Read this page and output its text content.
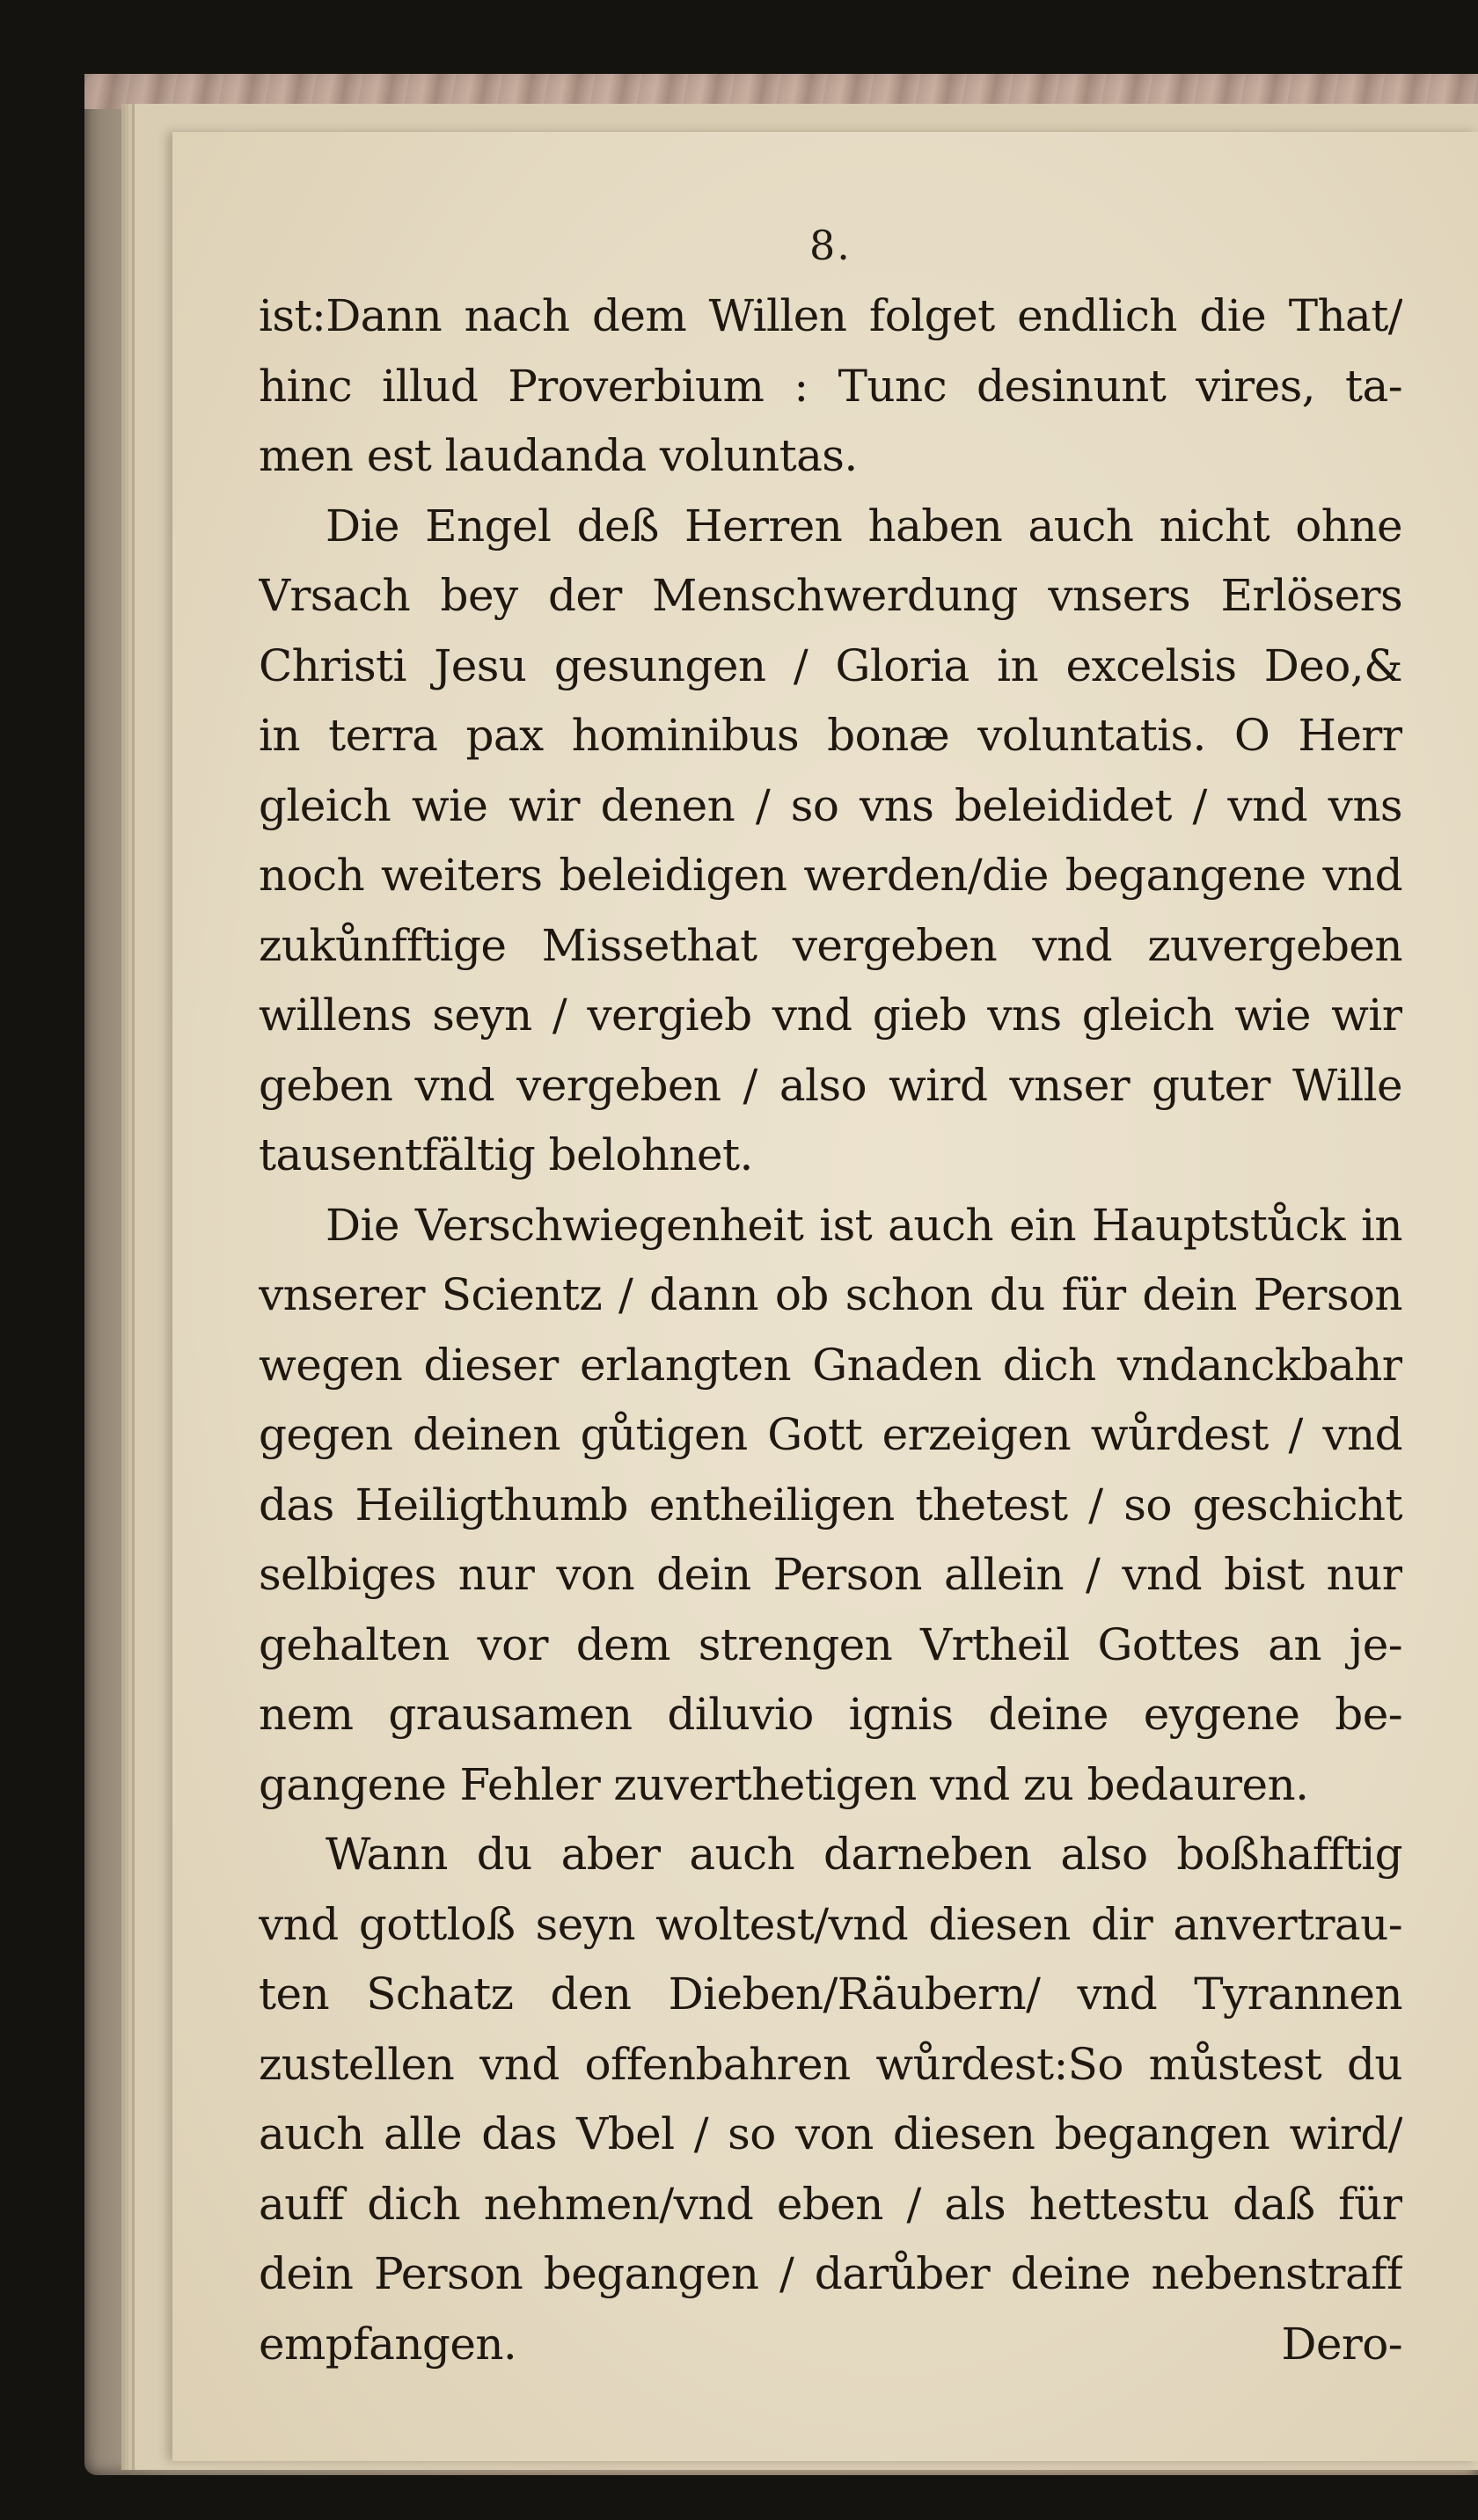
8.
ist:Dann nach dem Willen folget endlich die That/
hinc illud Proverbium : Tunc desinunt vires, ta-
men est laudanda voluntas.
Die Engel deß Herren haben auch nicht ohne
Vrsach bey der Menschwerdung vnsers Erlösers
Christi Jesu gesungen / Gloria in excelsis Deo,&
in terra pax hominibus bonæ voluntatis. O Herr
gleich wie wir denen / so vns beleididet / vnd vns
noch weiters beleidigen werden/die begangene vnd
zukůnfftige Missethat vergeben vnd zuvergeben
willens seyn / vergieb vnd gieb vns gleich wie wir
geben vnd vergeben / also wird vnser guter Wille
tausentfältig belohnet.
Die Verschwiegenheit ist auch ein Hauptstůck in
vnserer Scientz / dann ob schon du für dein Person
wegen dieser erlangten Gnaden dich vndanckbahr
gegen deinen gůtigen Gott erzeigen wůrdest / vnd
das Heiligthumb entheiligen thetest / so geschicht
selbiges nur von dein Person allein / vnd bist nur
gehalten vor dem strengen Vrtheil Gottes an je-
nem grausamen diluvio ignis deine eygene be-
gangene Fehler zuverthetigen vnd zu bedauren.
Wann du aber auch darneben also boßhafftig
vnd gottloß seyn woltest/vnd diesen dir anvertrau-
ten Schatz den Dieben/Räubern/ vnd Tyrannen
zustellen vnd offenbahren wůrdest:So můstest du
auch alle das Vbel / so von diesen begangen wird/
auff dich nehmen/vnd eben / als hettestu daß für
dein Person begangen / darůber deine nebenstraff
empfangen.	Dero-
